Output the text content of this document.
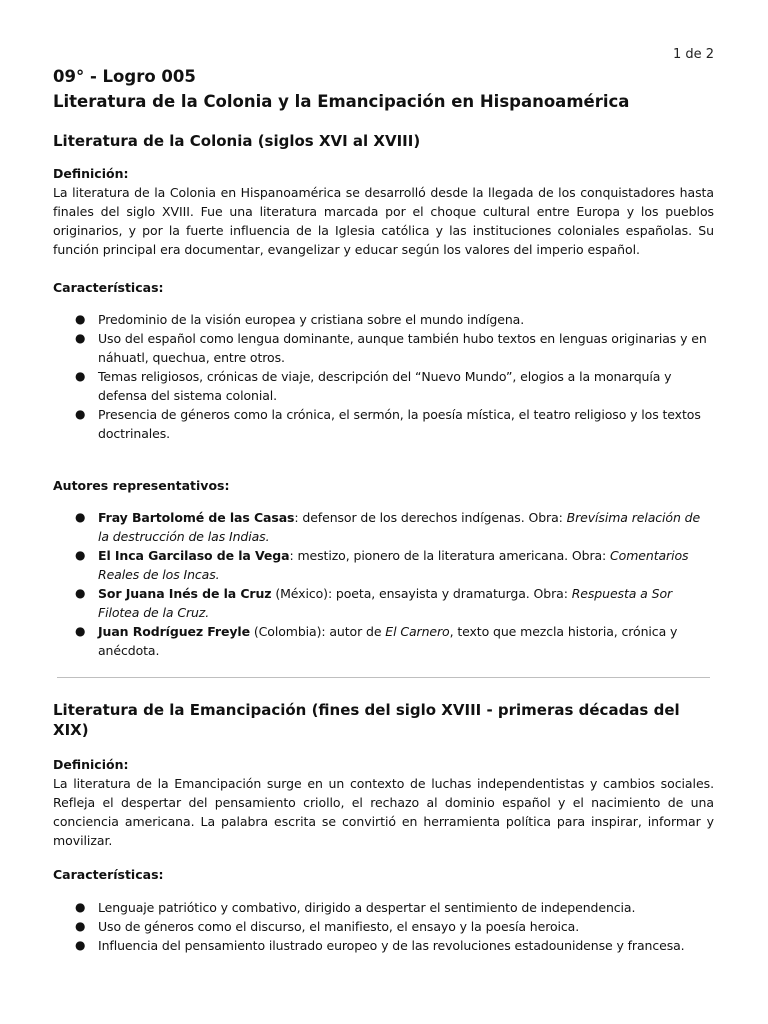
1 de 2
09° - Logro 005
Literatura de la Colonia y la Emancipación en Hispanoamérica
Literatura de la Colonia (siglos XVI al XVIII)

Definición:

La literatura de la Colonia en Hispanoamérica se desarrolló desde la llegada de los conquistadores hasta finales del siglo XVIII. Fue una literatura marcada por el choque cultural entre Europa y los pueblos originarios, y por la fuerte influencia de la Iglesia católica y las instituciones coloniales españolas. Su función principal era documentar, evangelizar y educar según los valores del imperio español.

Características:

● Predominio de la visión europea y cristiana sobre el mundo indígena.
● Uso del español como lengua dominante, aunque también hubo textos en lenguas originarias y en náhuatl, quechua, entre otros.
● Temas religiosos, crónicas de viaje, descripción del “Nuevo Mundo”, elogios a la monarquía y defensa del sistema colonial.
● Presencia de géneros como la crónica, el sermón, la poesía mística, el teatro religioso y los textos doctrinales.

Autores representativos:

● Fray Bartolomé de las Casas: defensor de los derechos indígenas. Obra: Brevísima relación de la destrucción de las Indias.
● El Inca Garcilaso de la Vega: mestizo, pionero de la literatura americana. Obra: Comentarios Reales de los Incas.
● Sor Juana Inés de la Cruz (México): poeta, ensayista y dramaturga. Obra: Respuesta a Sor Filotea de la Cruz.
● Juan Rodríguez Freyle (Colombia): autor de El Carnero, texto que mezcla historia, crónica y anécdota.
Literatura de la Emancipación (fines del siglo XVIII - primeras décadas del XIX)

Definición:

La literatura de la Emancipación surge en un contexto de luchas independentistas y cambios sociales. Refleja el despertar del pensamiento criollo, el rechazo al dominio español y el nacimiento de una conciencia americana. La palabra escrita se convirtió en herramienta política para inspirar, informar y movilizar.

Características:

● Lenguaje patriótico y combativo, dirigido a despertar el sentimiento de independencia.
● Uso de géneros como el discurso, el manifiesto, el ensayo y la poesía heroica.
● Influencia del pensamiento ilustrado europeo y de las revoluciones estadounidense y francesa.
